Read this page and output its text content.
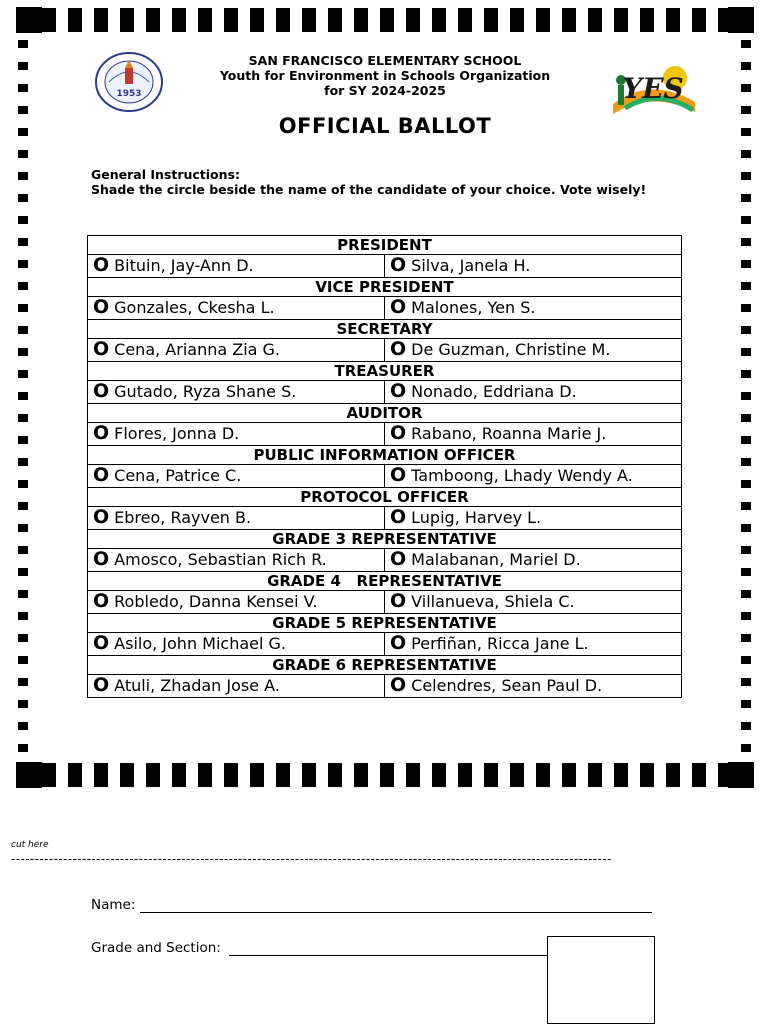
1953
SAN FRANCISCO ELEMENTARY SCHOOL
Youth for Environment in Schools Organization
for SY 2024-2025	YES
OFFICIAL BALLOT
General Instructions:
Shade the circle beside the name of the candidate of your choice. Vote wisely!
PRESIDENT	
O Bituin, Jay-Ann D.	O Silva, Janela H.
VICE PRESIDENT	
O Gonzales, Ckesha L.	O Malones, Yen S.
SECRETARY	
O Cena, Arianna Zia G.	O De Guzman, Christine M.
TREASURER	
O Gutado, Ryza Shane S.	O Nonado, Eddriana D.
AUDITOR	
O Flores, Jonna D.	O Rabano, Roanna Marie J.
PUBLIC INFORMATION OFFICER	
O Cena, Patrice C.	O Tamboong, Lhady Wendy A.
PROTOCOL OFFICER	
O Ebreo, Rayven B.	O Lupig, Harvey L.
GRADE 3 REPRESENTATIVE	
O Amosco, Sebastian Rich R.	O Malabanan, Mariel D.
GRADE 4   REPRESENTATIVE	
O Robledo, Danna Kensei V.	O Villanueva, Shiela C.
GRADE 5 REPRESENTATIVE	
O Asilo, John Michael G.	O Perfiñan, Ricca Jane L.
GRADE 6 REPRESENTATIVE	
O Atuli, Zhadan Jose A.	O Celendres, Sean Paul D.
cut here
-------------------------------------------------------------------------------------------------------------------------------
Name:
Grade and Section:
